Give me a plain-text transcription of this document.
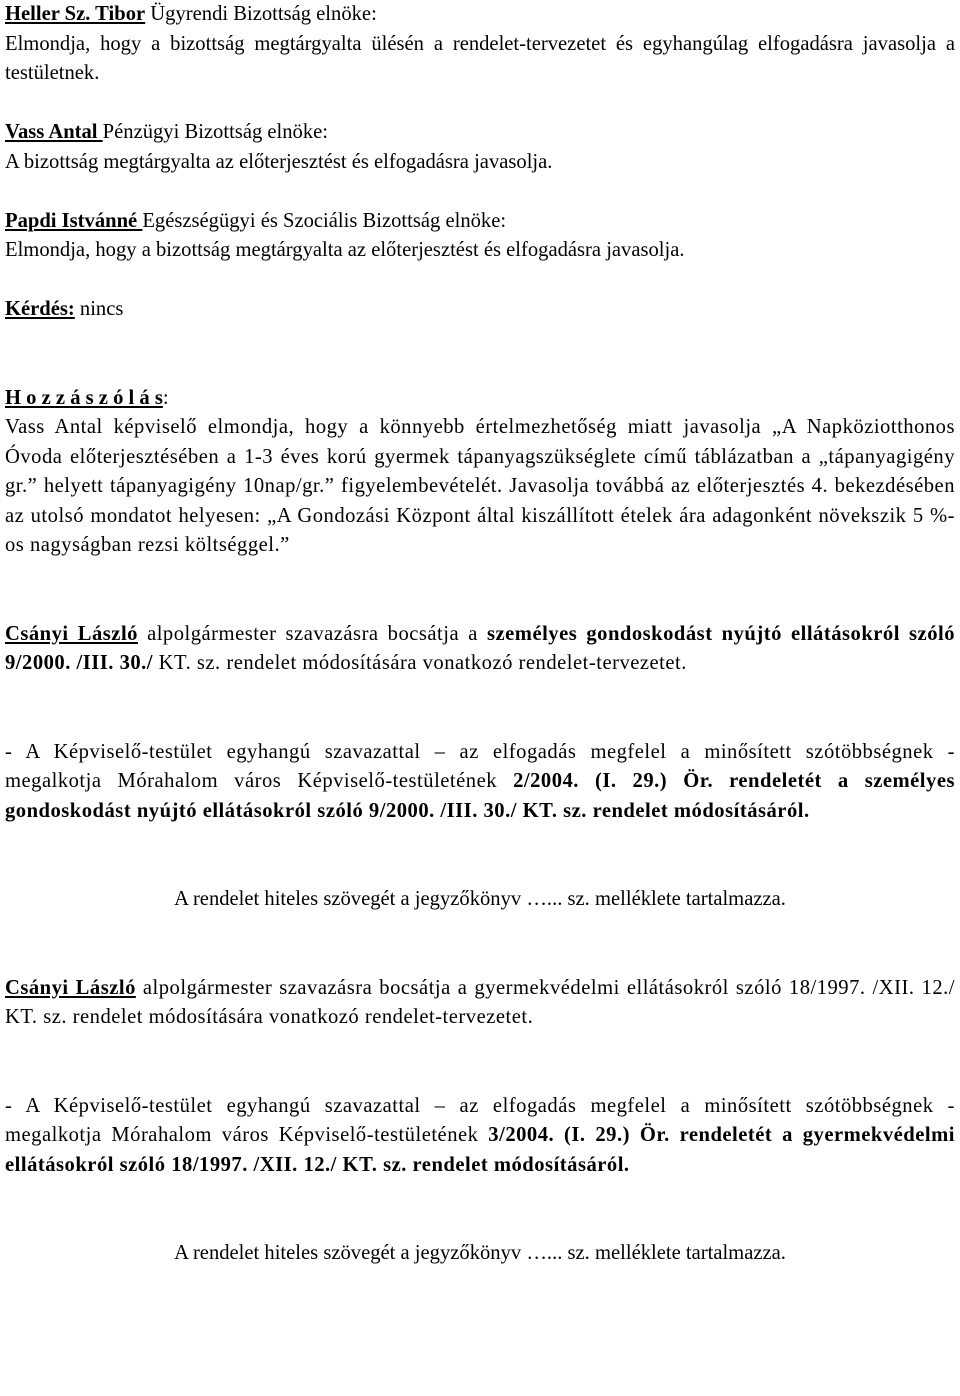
Heller Sz. Tibor Ügyrendi Bizottság elnöke:

Elmondja, hogy a bizottság megtárgyalta ülésén a rendelet-tervezetet és egyhangúlag elfogadásra javasolja a testületnek.

Vass Antal Pénzügyi Bizottság elnöke:

A bizottság megtárgyalta az előterjesztést és elfogadásra javasolja.

Papdi Istvánné Egészségügyi és Szociális Bizottság elnöke:

Elmondja, hogy a bizottság megtárgyalta az előterjesztést és elfogadásra javasolja.

Kérdés: nincs

H o z z á s z ó l á s:

Vass Antal képviselő elmondja, hogy a könnyebb értelmezhetőség miatt javasolja „A Napköziotthonos Óvoda előterjesztésében a 1-3 éves korú gyermek tápanyagszükséglete című táblázatban a „tápanyagigény gr.” helyett tápanyagigény 10nap/gr.” figyelembevételét. Javasolja továbbá az előterjesztés 4. bekezdésében az utolsó mondatot helyesen: „A Gondozási Központ által kiszállított ételek ára adagonként növekszik 5 %-os nagyságban rezsi költséggel.”

Csányi László alpolgármester szavazásra bocsátja a személyes gondoskodást nyújtó ellátásokról szóló 9/2000. /III. 30./ KT. sz. rendelet módosítására vonatkozó rendelet-tervezetet.

- A Képviselő-testület egyhangú szavazattal – az elfogadás megfelel a minősített szótöbbségnek - megalkotja Mórahalom város Képviselő-testületének 2/2004. (I. 29.) Ör. rendeletét a személyes gondoskodást nyújtó ellátásokról szóló 9/2000. /III. 30./ KT. sz. rendelet módosításáról.

A rendelet hiteles szövegét a jegyzőkönyv …... sz. melléklete tartalmazza.

Csányi László alpolgármester szavazásra bocsátja a gyermekvédelmi ellátásokról szóló 18/1997. /XII. 12./ KT. sz. rendelet módosítására vonatkozó rendelet-tervezetet.

- A Képviselő-testület egyhangú szavazattal – az elfogadás megfelel a minősített szótöbbségnek - megalkotja Mórahalom város Képviselő-testületének 3/2004. (I. 29.) Ör. rendeletét a gyermekvédelmi ellátásokról szóló 18/1997. /XII. 12./ KT. sz. rendelet módosításáról.

A rendelet hiteles szövegét a jegyzőkönyv …... sz. melléklete tartalmazza.
